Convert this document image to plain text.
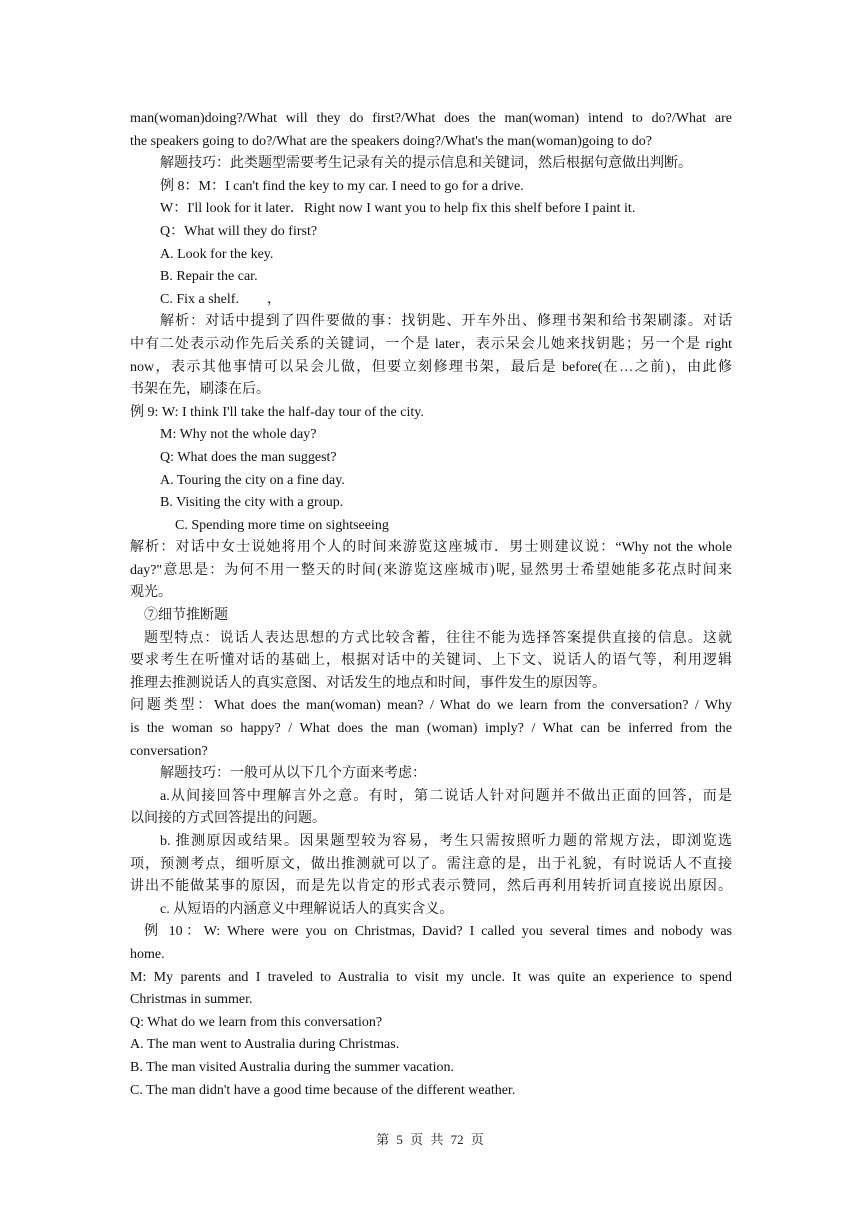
man(woman)doing?/What will they do first?/What does the man(woman) intend to do?/What are
the speakers going to do?/What are the speakers doing?/What's the man(woman)going to do?
解题技巧：此类题型需要考生记录有关的提示信息和关键词，然后根据句意做出判断。
例 8：M：I can't find the key to my car. I need to go for a drive.
W：I'll look for it later．Right now I want you to help fix this shelf before I paint it.
Q：What will they do first?
A. Look for the key.
B. Repair the car.
C. Fix a shelf.　　，
解析：对话中提到了四件要做的事：找钥匙、开车外出、修理书架和给书架刷漆。对话
中有二处表示动作先后关系的关键词，一个是 later，表示呆会儿她来找钥匙；另一个是 right
now，表示其他事情可以呆会儿做，但要立刻修理书架，最后是 before(在…之前)，由此修
书架在先，刷漆在后。
例 9: W: I think I'll take the half-day tour of the city.
M: Why not the whole day?
Q: What does the man suggest?
A. Touring the city on a fine day.
B. Visiting the city with a group.
C. Spending more time on sightseeing
解析：对话中女士说她将用个人的时间来游览这座城市．男士则建议说：“Why not the whole
day?"意思是：为何不用一整天的时间(来游览这座城市)呢, 显然男士希望她能多花点时间来
观光。
⑦细节推断题
题型特点：说话人表达思想的方式比较含蓄，往往不能为选择答案提供直接的信息。这就
要求考生在听懂对话的基础上，根据对话中的关键词、上下文、说话人的语气等，利用逻辑
推理去推测说话人的真实意图、对话发生的地点和时间，事件发生的原因等。
问题类型：What does the man(woman) mean? / What do we learn from the conversation? / Why
is the woman so happy? / What does the man (woman) imply? / What can be inferred from the
conversation?
解题技巧：一般可从以下几个方面来考虑：
a.从间接回答中理解言外之意。有时，第二说话人针对问题并不做出正面的回答，而是
以间接的方式回答提出的问题。
b. 推测原因或结果。因果题型较为容易，考生只需按照听力题的常规方法，即浏览选
项，预测考点，细听原文，做出推测就可以了。需注意的是，出于礼貌，有时说话人不直接
讲出不能做某事的原因，而是先以肯定的形式表示赞同，然后再利用转折词直接说出原因。
c. 从短语的内涵意义中理解说话人的真实含义。
例 10：W: Where were you on Christmas, David? I called you several times and nobody was
home.
M: My parents and I traveled to Australia to visit my uncle. It was quite an experience to spend
Christmas in summer.
Q: What do we learn from this conversation?
A. The man went to Australia during Christmas.
B. The man visited Australia during the summer vacation.
C. The man didn't have a good time because of the different weather.
第 5 页 共 72 页
